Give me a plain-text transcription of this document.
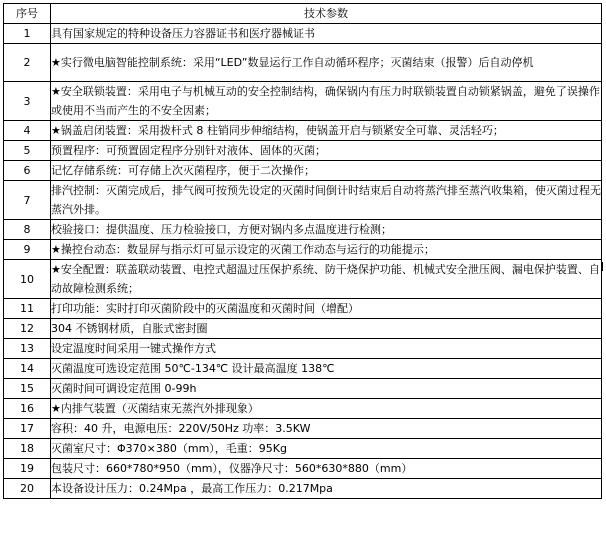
序号	技术参数
1	具有国家规定的特种设备压力容器证书和医疗器械证书
2	★实行微电脑智能控制系统：采用“LED”数显运行工作自动循环程序；灭菌结束（报警）后自动停机
3	★安全联锁装置：采用电子与机械互动的安全控制结构，确保锅内有压力时联锁装置自动锁紧锅盖，避免了误操作或使用不当而产生的不安全因素；
4	★锅盖启闭装置：采用拨杆式 8 柱销同步伸缩结构，使锅盖开启与锁紧安全可靠、灵活轻巧；
5	预置程序：可预置固定程序分别针对液体、固体的灭菌；
6	记忆存储系统：可存储上次灭菌程序，便于二次操作；
7	排汽控制：灭菌完成后，排气阀可按预先设定的灭菌时间倒计时结束后自动将蒸汽排至蒸汽收集箱，使灭菌过程无蒸汽外排。
8	校验接口：提供温度、压力检验接口，方便对锅内多点温度进行检测；
9	★操控台动态：数显屏与指示灯可显示设定的灭菌工作动态与运行的功能提示；
10	★安全配置：联盖联动装置、电控式超温过压保护系统、防干烧保护功能、机械式安全泄压阀、漏电保护装置、自动故障检测系统；
11	打印功能：实时打印灭菌阶段中的灭菌温度和灭菌时间（增配）
12	304 不锈钢材质，自胀式密封圈
13	设定温度时间采用一键式操作方式
14	灭菌温度可选设定范围 50℃-134℃ 设计最高温度 138℃
15	灭菌时间可调设定范围 0-99h
16	★内排气装置（灭菌结束无蒸汽外排现象）
17	容积：40 升，电源电压：220V/50Hz 功率：3.5KW
18	灭菌室尺寸：Φ370×380（mm），毛重：95Kg
19	包装尺寸：660*780*950（mm），仪器净尺寸：560*630*880（mm）
20	本设备设计压力：0.24Mpa ，最高工作压力：0.217Mpa
